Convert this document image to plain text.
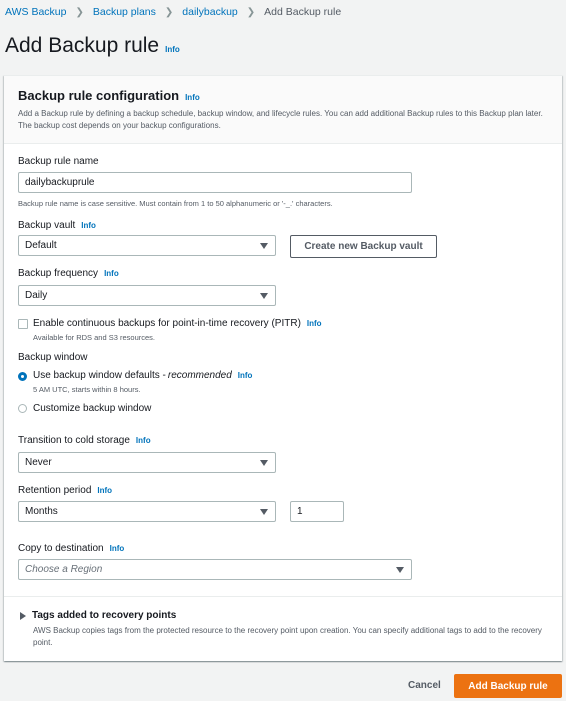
AWS Backup ❯ Backup plans ❯ dailybackup ❯ Add Backup rule
Add Backup rule Info
Backup rule configuration Info
Add a Backup rule by defining a backup schedule, backup window, and lifecycle rules. You can add additional Backup rules to this Backup plan later. The backup cost depends on your backup configurations.
Backup rule name
dailybackuprule
Backup rule name is case sensitive. Must contain from 1 to 50 alphanumeric or '-_.' characters.
Backup vault Info
Default	Create new Backup vault
Backup frequency Info
Daily
Enable continuous backups for point-in-time recovery (PITR) Info
Available for RDS and S3 resources.
Backup window
Use backup window defaults - recommended Info
5 AM UTC, starts within 8 hours.
Customize backup window
Transition to cold storage Info
Never
Retention period Info
Months	1
Copy to destination Info
Choose a Region
Tags added to recovery points
AWS Backup copies tags from the protected resource to the recovery point upon creation. You can specify additional tags to add to the recovery point.
Cancel	Add Backup rule
